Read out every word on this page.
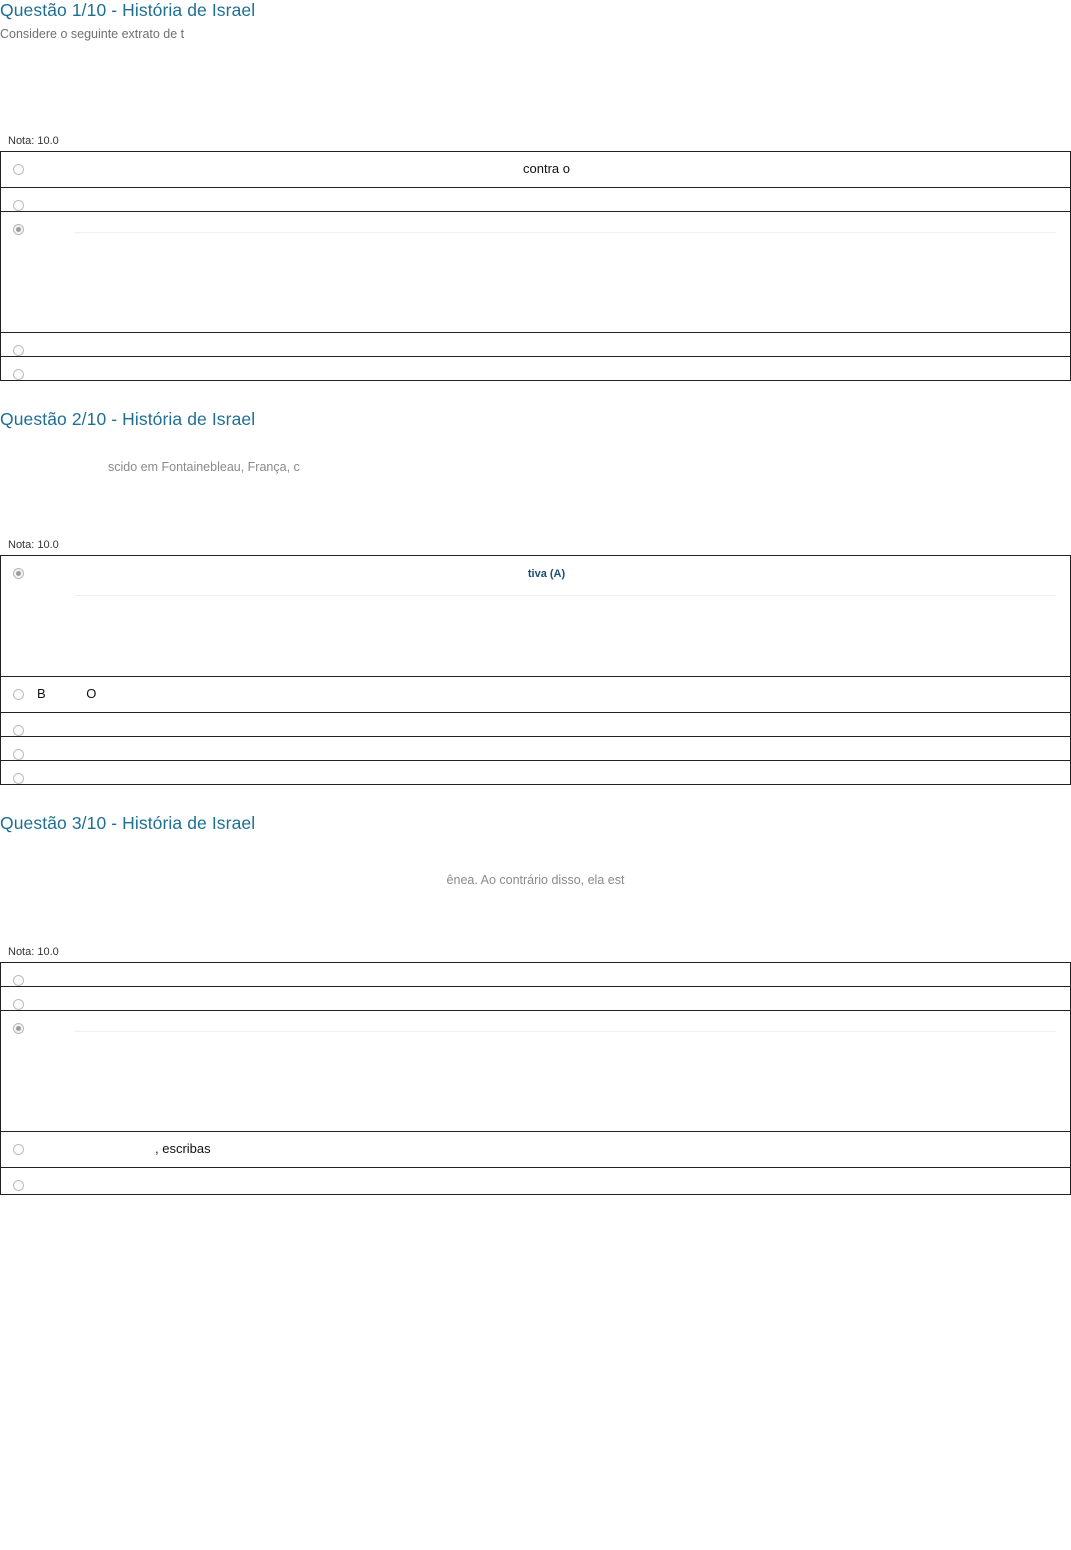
Questão 1/10 - História de Israel
Considere o seguinte extrato de t
Nota: 10.0
contra o
Questão 2/10 - História de Israel
scido em Fontainebleau, França, c
Nota: 10.0
tiva (A)
B	O
Questão 3/10 - História de Israel
ênea. Ao contrário disso, ela est
Nota: 10.0
, escribas
